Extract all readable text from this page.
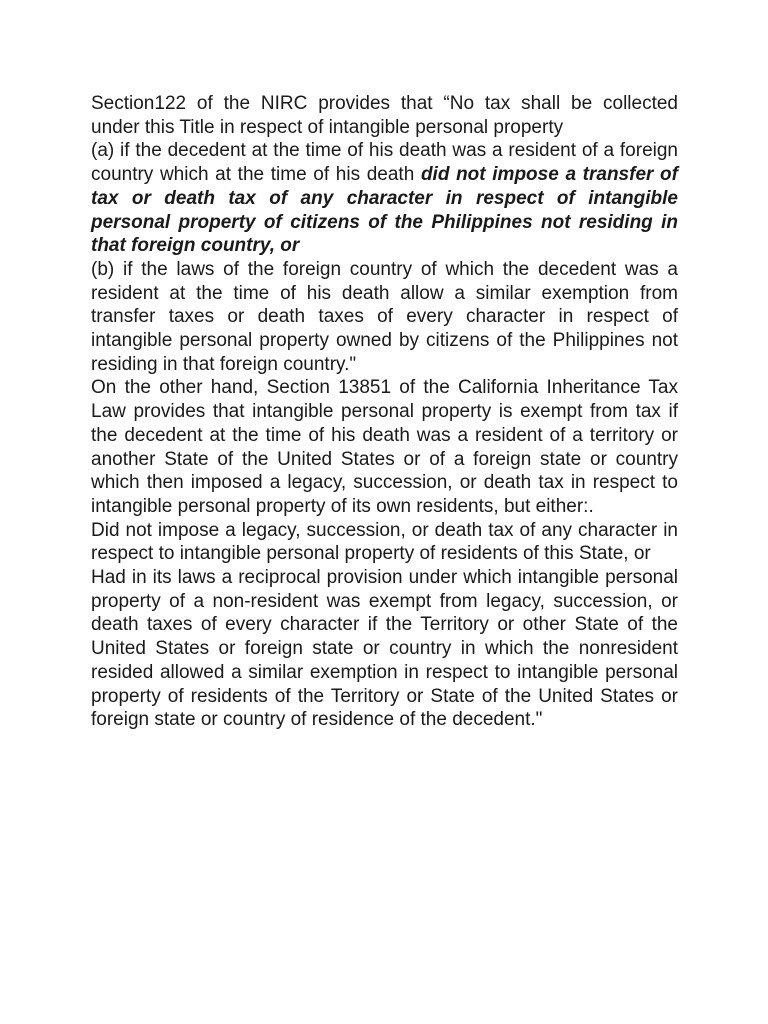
Section122 of the NIRC provides that “No tax shall be collected
under this Title in respect of intangible personal property

(a) if the decedent at the time of his death was a resident of a foreign country which at the time of his death did not impose a transfer of tax or death tax of any character in respect of intangible personal property of citizens of the Philippines not residing in that foreign country, or

(b) if the laws of the foreign country of which the decedent was a resident at the time of his death allow a similar exemption from transfer taxes or death taxes of every character in respect of intangible personal property owned by citizens of the Philippines not residing in that foreign country."

On the other hand, Section 13851 of the California Inheritance Tax Law provides that intangible personal property is exempt from tax if the decedent at the time of his death was a resident of a territory or another State of the United States or of a foreign state or country which then imposed a legacy, succession, or death tax in respect to intangible personal property of its own residents, but either:.

Did not impose a legacy, succession, or death tax of any character in respect to intangible personal property of residents of this State, or

Had in its laws a reciprocal provision under which intangible personal property of a non-resident was exempt from legacy, succession, or death taxes of every character if the Territory or other State of the United States or foreign state or country in which the nonresident resided allowed a similar exemption in respect to intangible personal property of residents of the Territory or State of the United States or foreign state or country of residence of the decedent."
